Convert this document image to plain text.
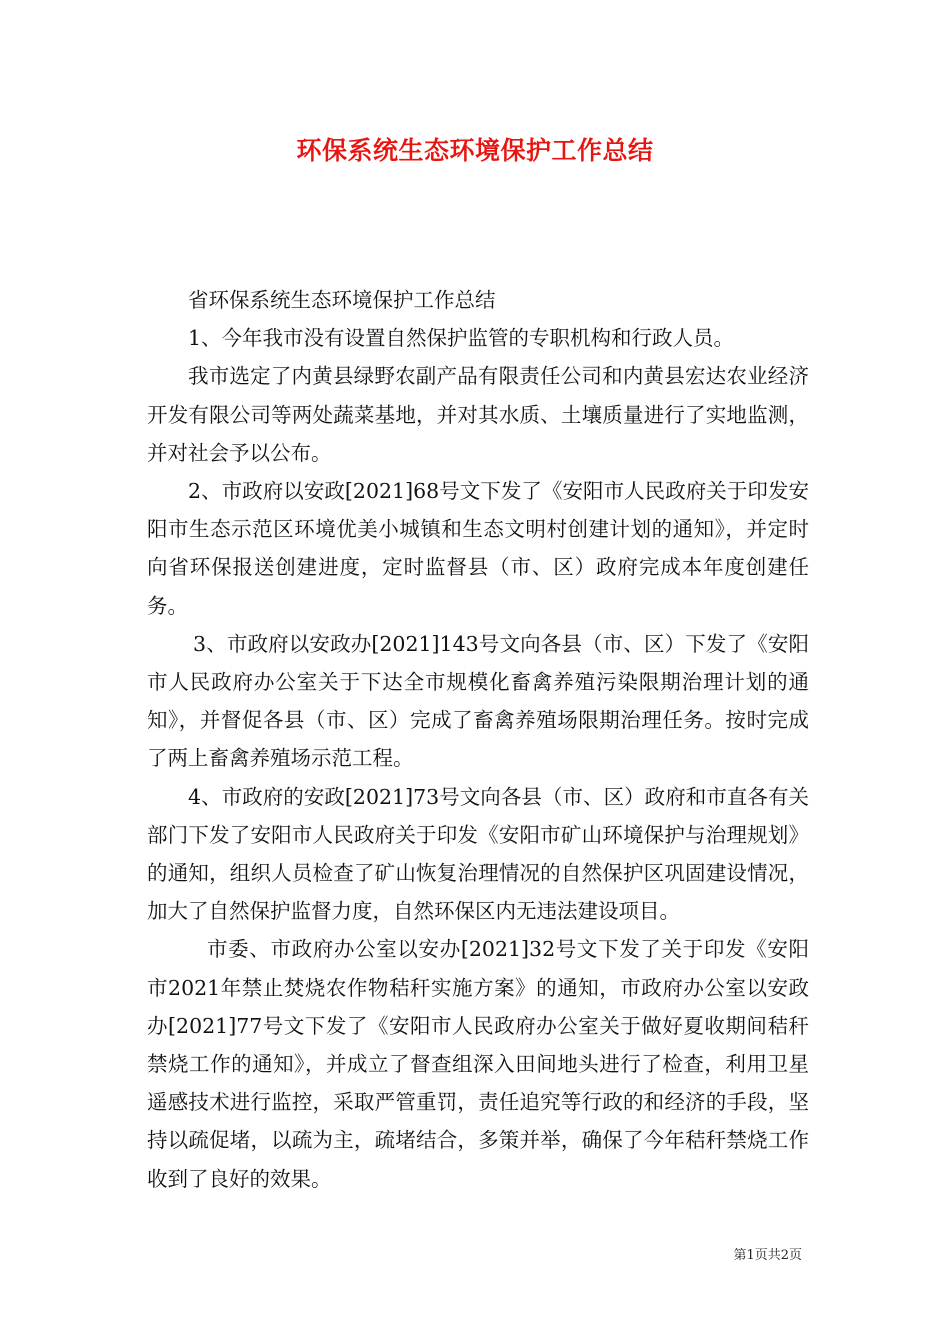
环保系统生态环境保护工作总结

省环保系统生态环境保护工作总结

1、今年我市没有设置自然保护监管的专职机构和行政人员。

我市选定了内黄县绿野农副产品有限责任公司和内黄县宏达农业经济开发有限公司等两处蔬菜基地，并对其水质、土壤质量进行了实地监测，并对社会予以公布。

2、市政府以安政[2021]68号文下发了《安阳市人民政府关于印发安阳市生态示范区环境优美小城镇和生态文明村创建计划的通知》，并定时向省环保报送创建进度，定时监督县（市、区）政府完成本年度创建任务。

3、市政府以安政办[2021]143号文向各县（市、区）下发了《安阳市人民政府办公室关于下达全市规模化畜禽养殖污染限期治理计划的通知》，并督促各县（市、区）完成了畜禽养殖场限期治理任务。按时完成了两上畜禽养殖场示范工程。

4、市政府的安政[2021]73号文向各县（市、区）政府和市直各有关部门下发了安阳市人民政府关于印发《安阳市矿山环境保护与治理规划》的通知，组织人员检查了矿山恢复治理情况的自然保护区巩固建设情况，加大了自然保护监督力度，自然环保区内无违法建设项目。

市委、市政府办公室以安办[2021]32号文下发了关于印发《安阳市2021年禁止焚烧农作物秸秆实施方案》的通知，市政府办公室以安政办[2021]77号文下发了《安阳市人民政府办公室关于做好夏收期间秸秆禁烧工作的通知》，并成立了督查组深入田间地头进行了检查，利用卫星遥感技术进行监控，采取严管重罚，责任追究等行政的和经济的手段，坚持以疏促堵，以疏为主，疏堵结合，多策并举，确保了今年秸秆禁烧工作收到了良好的效果。

第1页共2页
